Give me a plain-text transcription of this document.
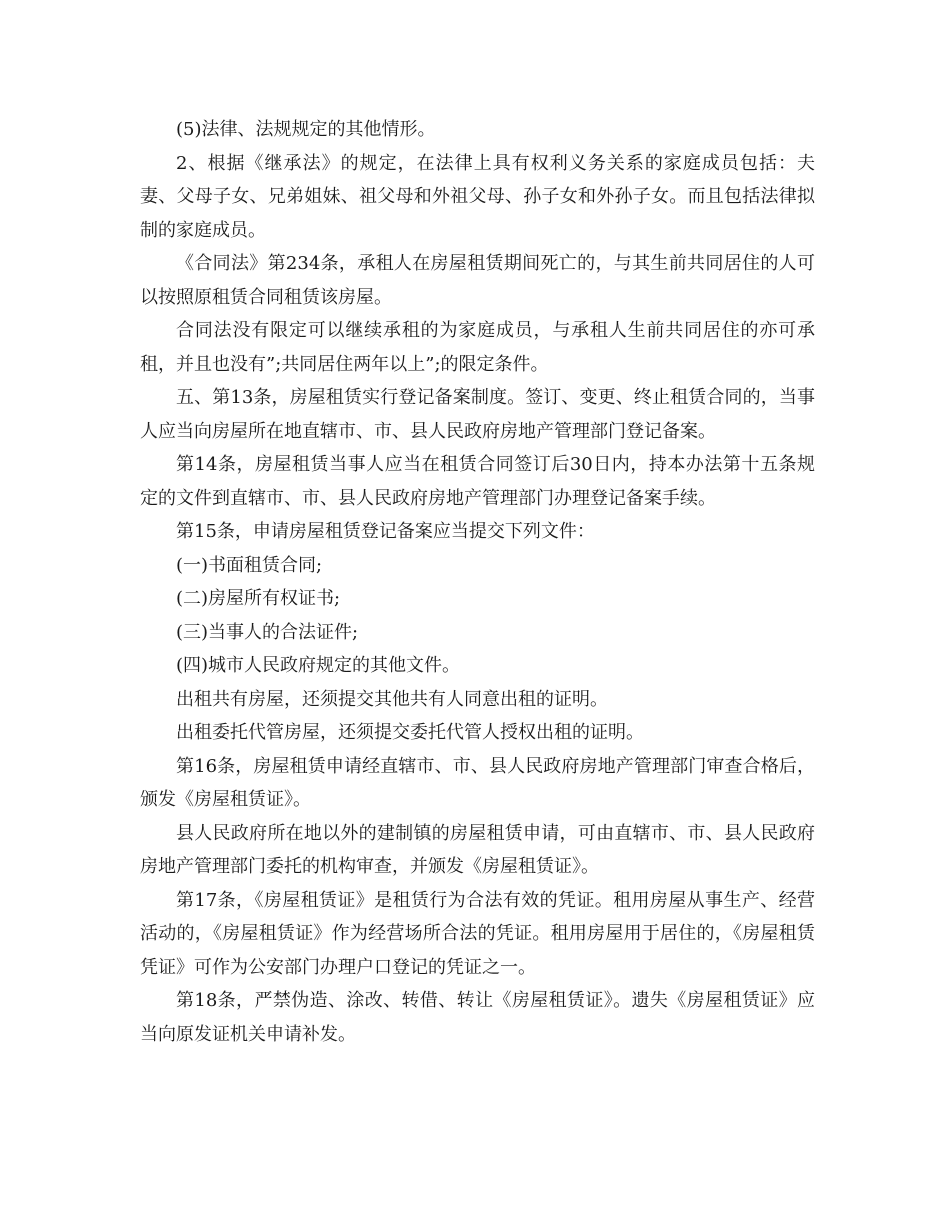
(5)法律、法规规定的其他情形。

2、根据《继承法》的规定，在法律上具有权利义务关系的家庭成员包括：夫妻、父母子女、兄弟姐妹、祖父母和外祖父母、孙子女和外孙子女。而且包括法律拟制的家庭成员。

《合同法》第234条，承租人在房屋租赁期间死亡的，与其生前共同居住的人可以按照原租赁合同租赁该房屋。

合同法没有限定可以继续承租的为家庭成员，与承租人生前共同居住的亦可承租，并且也没有”;共同居住两年以上”;的限定条件。

五、第13条，房屋租赁实行登记备案制度。签订、变更、终止租赁合同的，当事人应当向房屋所在地直辖市、市、县人民政府房地产管理部门登记备案。

第14条，房屋租赁当事人应当在租赁合同签订后30日内，持本办法第十五条规定的文件到直辖市、市、县人民政府房地产管理部门办理登记备案手续。

第15条，申请房屋租赁登记备案应当提交下列文件：

(一)书面租赁合同;

(二)房屋所有权证书;

(三)当事人的合法证件;

(四)城市人民政府规定的其他文件。

出租共有房屋，还须提交其他共有人同意出租的证明。

出租委托代管房屋，还须提交委托代管人授权出租的证明。

第16条，房屋租赁申请经直辖市、市、县人民政府房地产管理部门审查合格后，颁发《房屋租赁证》。

县人民政府所在地以外的建制镇的房屋租赁申请，可由直辖市、市、县人民政府房地产管理部门委托的机构审查，并颁发《房屋租赁证》。

第17条，《房屋租赁证》是租赁行为合法有效的凭证。租用房屋从事生产、经营活动的，《房屋租赁证》作为经营场所合法的凭证。租用房屋用于居住的，《房屋租赁凭证》可作为公安部门办理户口登记的凭证之一。

第18条，严禁伪造、涂改、转借、转让《房屋租赁证》。遗失《房屋租赁证》应当向原发证机关申请补发。
